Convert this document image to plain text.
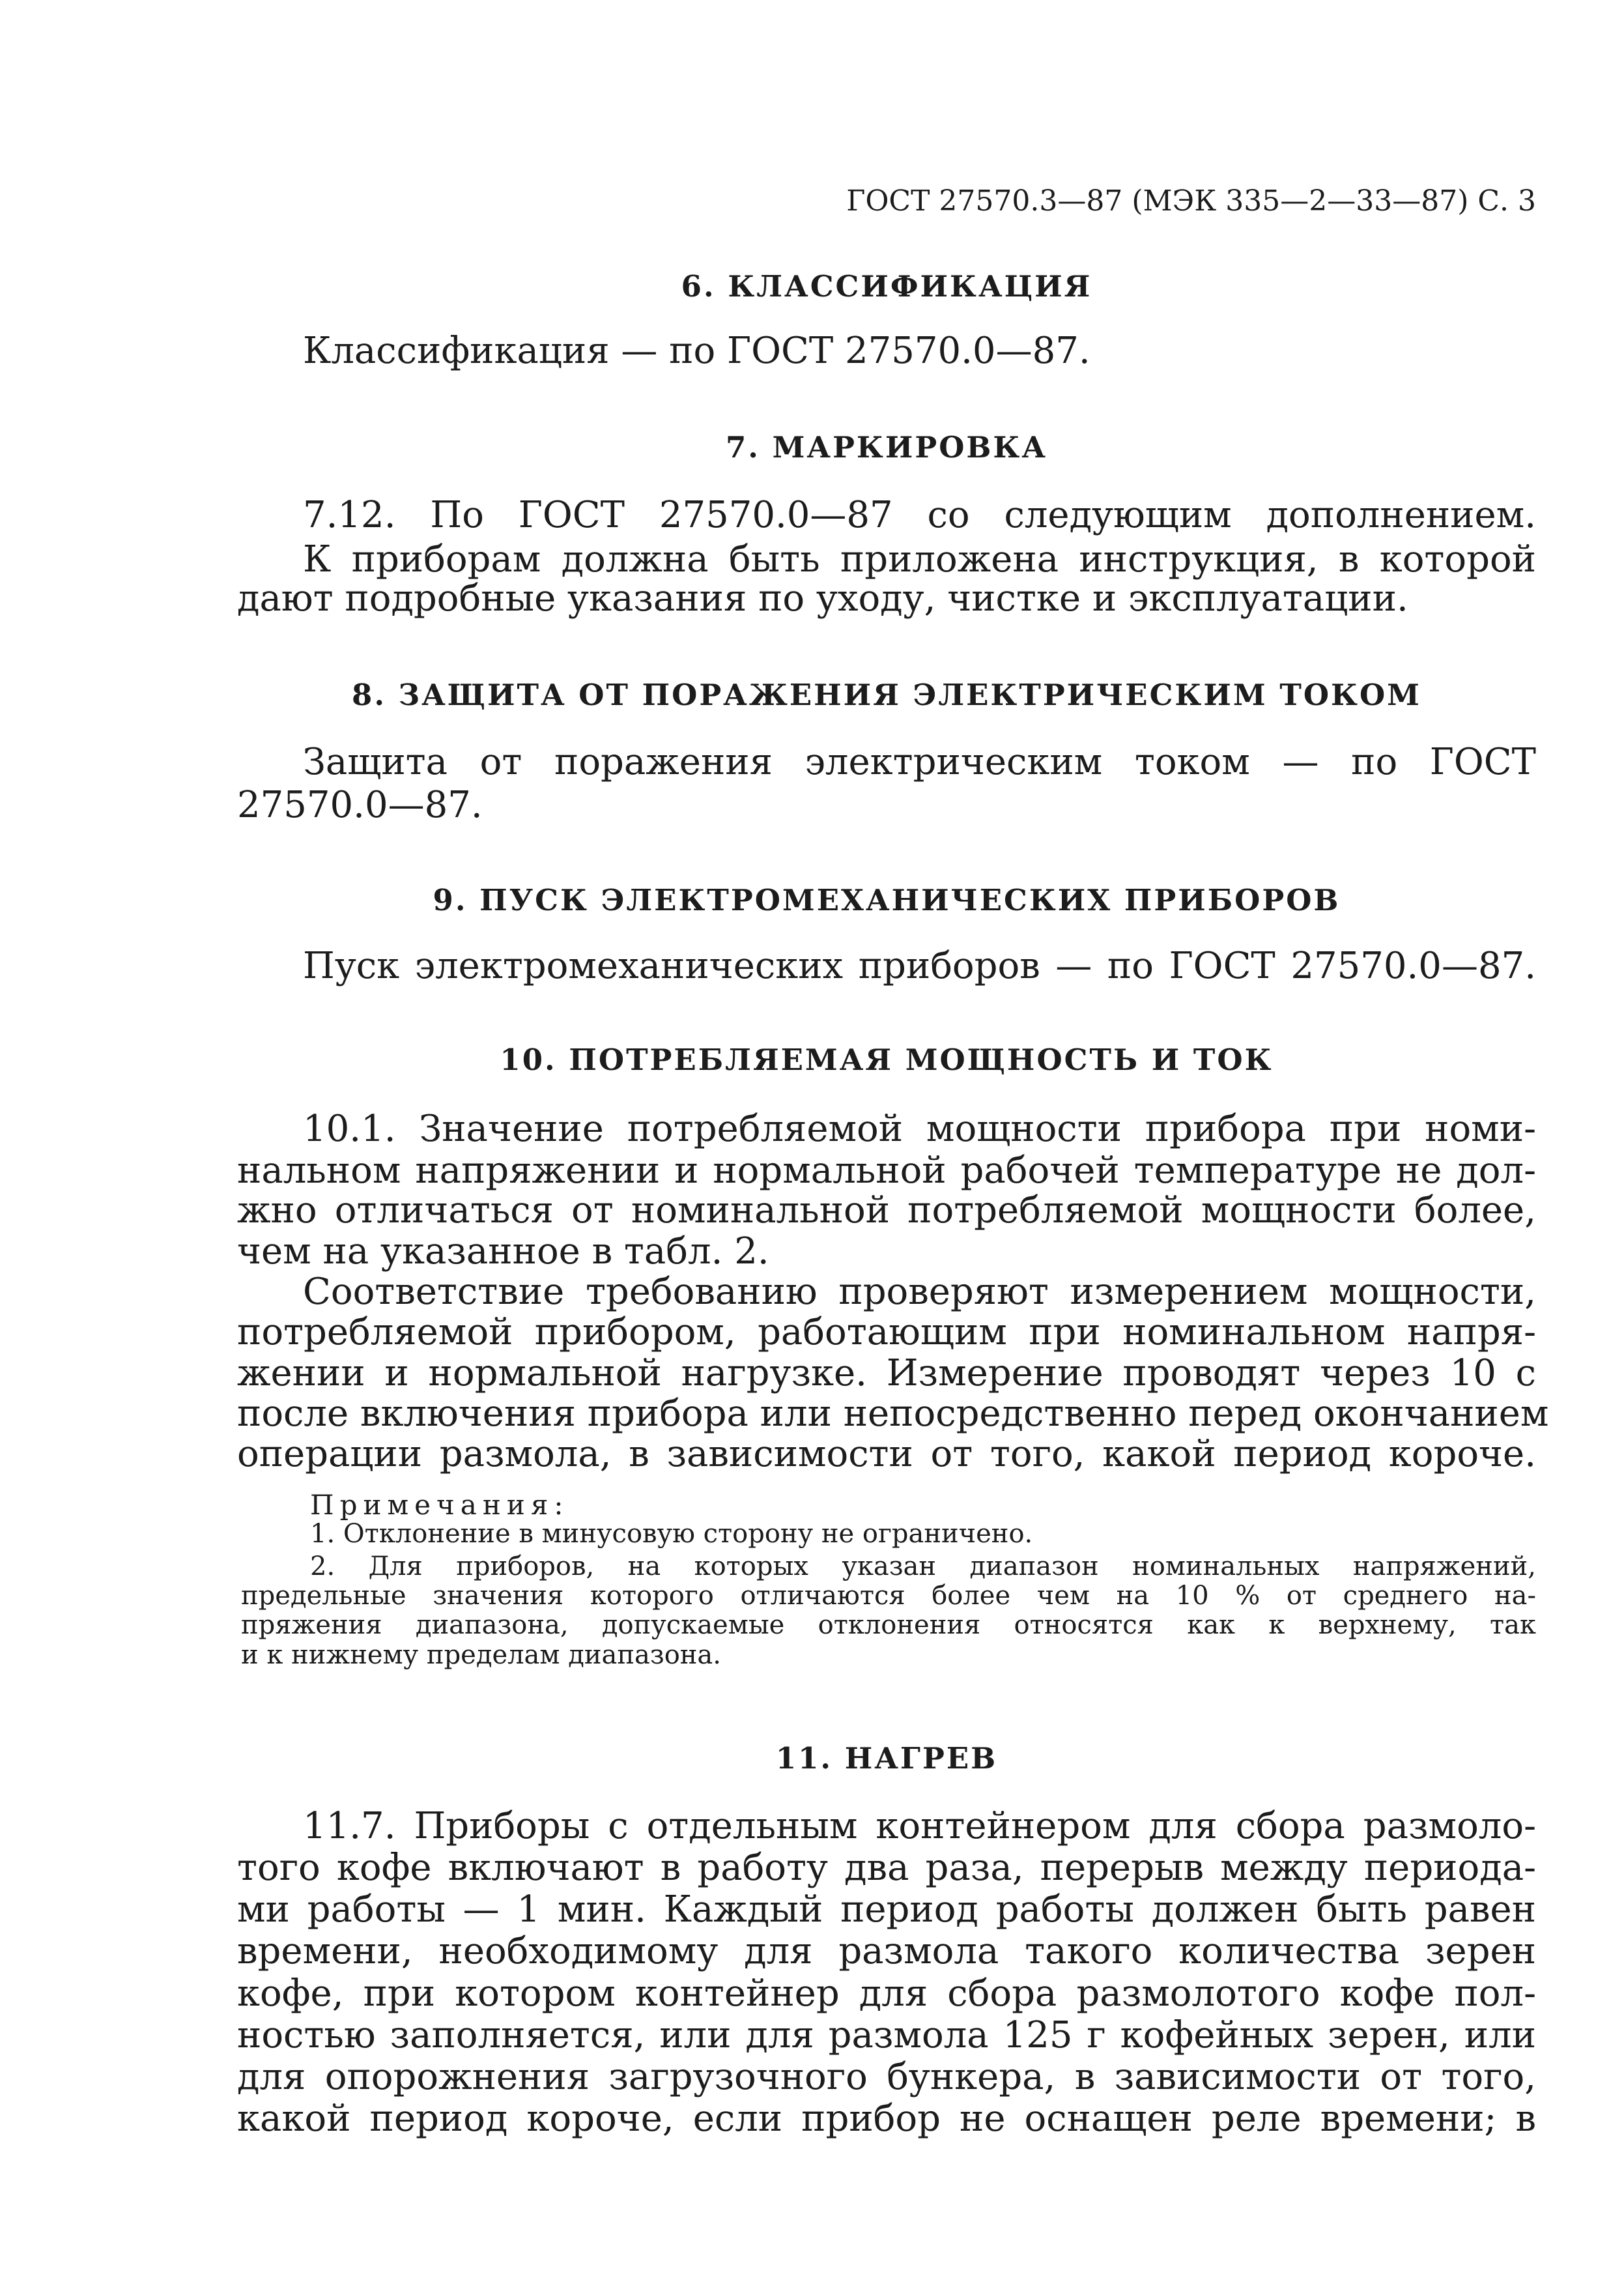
ГОСТ 27570.3—87 (МЭК 335—2—33—87) С. 3
6. КЛАССИФИКАЦИЯ
Классификация — по ГОСТ 27570.0—87.
7. МАРКИРОВКА
7.12. По ГОСТ 27570.0—87 со следующим дополнением.
К приборам должна быть приложена инструкция, в которой
дают подробные указания по уходу, чистке и эксплуатации.
8. ЗАЩИТА ОТ ПОРАЖЕНИЯ ЭЛЕКТРИЧЕСКИМ ТОКОМ
Защита от поражения электрическим током — по ГОСТ
27570.0—87.
9. ПУСК ЭЛЕКТРОМЕХАНИЧЕСКИХ ПРИБОРОВ
Пуск электромеханических приборов — по ГОСТ 27570.0—87.
10. ПОТРЕБЛЯЕМАЯ МОЩНОСТЬ И ТОК
10.1. Значение потребляемой мощности прибора при номи-
нальном напряжении и нормальной рабочей температуре не дол-
жно отличаться от номинальной потребляемой мощности более,
чем на указанное в табл. 2.
Соответствие требованию проверяют измерением мощности,
потребляемой прибором, работающим при номинальном напря-
жении и нормальной нагрузке. Измерение проводят через 10 с
после включения прибора или непосредственно перед окончанием
операции размола, в зависимости от того, какой период короче.
Примечания:
1. Отклонение в минусовую сторону не ограничено.
2. Для приборов, на которых указан диапазон номинальных напряжений,
предельные значения которого отличаются более чем на 10 % от среднего на-
пряжения диапазона, допускаемые отклонения относятся как к верхнему, так
и к нижнему пределам диапазона.
11. НАГРЕВ
11.7. Приборы с отдельным контейнером для сбора размоло-
того кофе включают в работу два раза, перерыв между периода-
ми работы — 1 мин. Каждый период работы должен быть равен
времени, необходимому для размола такого количества зерен
кофе, при котором контейнер для сбора размолотого кофе пол-
ностью заполняется, или для размола 125 г кофейных зерен, или
для опорожнения загрузочного бункера, в зависимости от того,
какой период короче, если прибор не оснащен реле времени; в
